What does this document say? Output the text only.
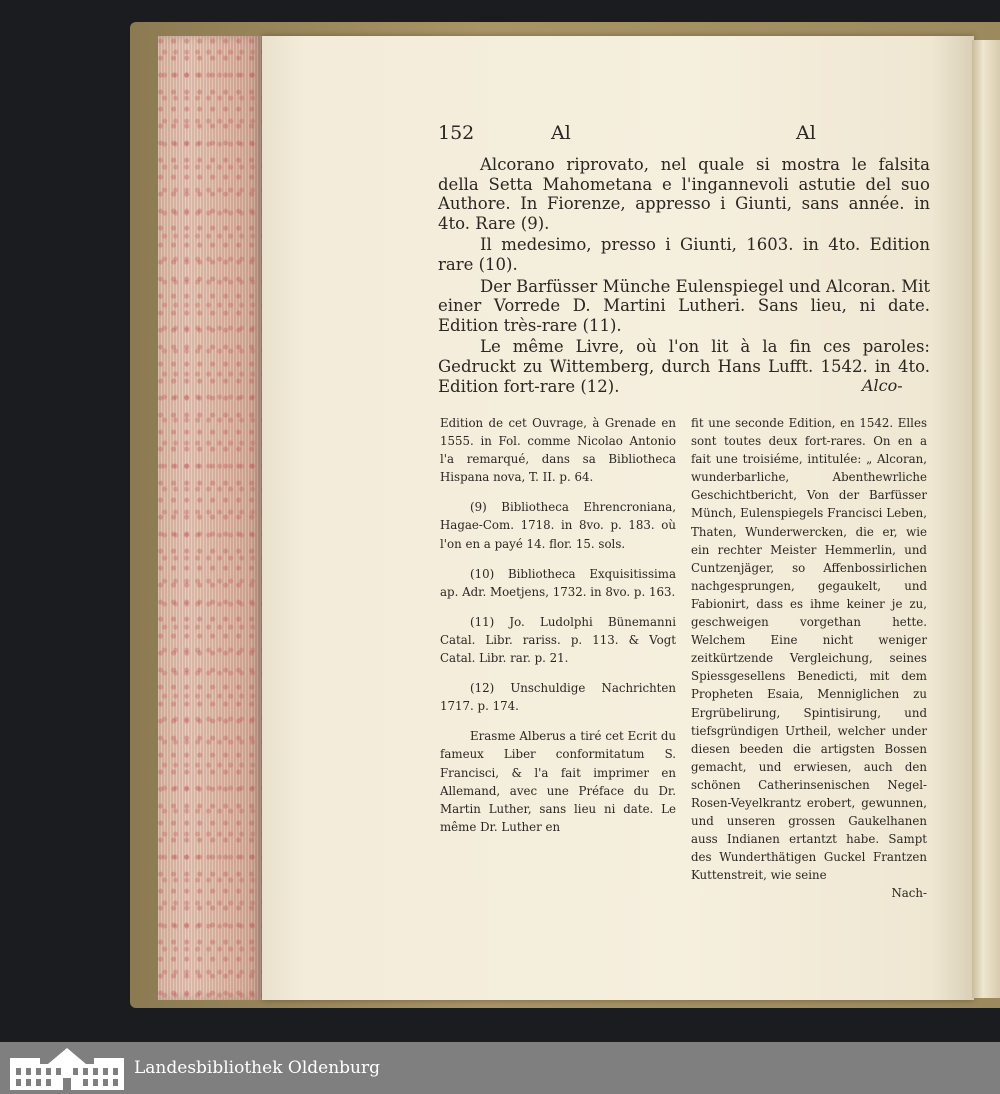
152	Al	Al

Alcorano riprovato, nel quale si mostra le falsita della Setta Mahometana e l'ingannevoli astutie del suo Authore. In Fiorenze, appresso i Giunti, sans année. in 4to. Rare (9).

Il medesimo, presso i Giunti, 1603. in 4to. Edition rare (10).

Der Barfüsser Münche Eulenspiegel und Alcoran. Mit einer Vorrede D. Martini Lutheri. Sans lieu, ni date. Edition très-rare (11).

Le même Livre, où l'on lit à la fin ces paroles: Gedruckt zu Wittemberg, durch Hans Lufft. 1542. in 4to. Edition fort-rare (12).	Alco-

Edition de cet Ouvrage, à Grenade en 1555. in Fol. comme Nicolao Antonio l'a remarqué, dans sa Bibliotheca Hispana nova, T. II. p. 64.

(9) Bibliotheca Ehrencroniana, Hagae-Com. 1718. in 8vo. p. 183. où l'on en a payé 14. flor. 15. sols.

(10) Bibliotheca Exquisitissima ap. Adr. Moetjens, 1732. in 8vo. p. 163.

(11) Jo. Ludolphi Bünemanni Catal. Libr. rariss. p. 113. & Vogt Catal. Libr. rar. p. 21.

(12) Unschuldige Nachrichten 1717. p. 174.

Erasme Alberus a tiré cet Ecrit du fameux Liber conformitatum S. Francisci, & l'a fait imprimer en Allemand, avec une Préface du Dr. Martin Luther, sans lieu ni date. Le même Dr. Luther en

fit une seconde Edition, en 1542. Elles sont toutes deux fort-rares. On en a fait une troisiéme, intitulée: „ Alcoran, wunderbarliche, Abenthewrliche Geschichtbericht, Von der Barfüsser Münch, Eulenspiegels Francisci Leben, Thaten, Wunderwercken, die er, wie ein rechter Meister Hemmerlin, und Cuntzenjäger, so Affenbossirlichen nachgesprungen, gegaukelt, und Fabionirt, dass es ihme keiner je zu, geschweigen vorgethan hette. Welchem Eine nicht weniger zeitkürtzende Vergleichung, seines Spiessgesellens Benedicti, mit dem Propheten Esaia, Menniglichen zu Ergrübelirung, Spintisirung, und tiefsgründigen Urtheil, welcher under diesen beeden die artigsten Bossen gemacht, und erwiesen, auch den schönen Catherinsenischen Negel-Rosen-Veyelkrantz erobert, gewunnen, und unseren grossen Gaukelhanen auss Indianen ertantzt habe. Sampt des Wunderthätigen Guckel Frantzen Kuttenstreit, wie seine

Nach-

Landesbibliothek Oldenburg
